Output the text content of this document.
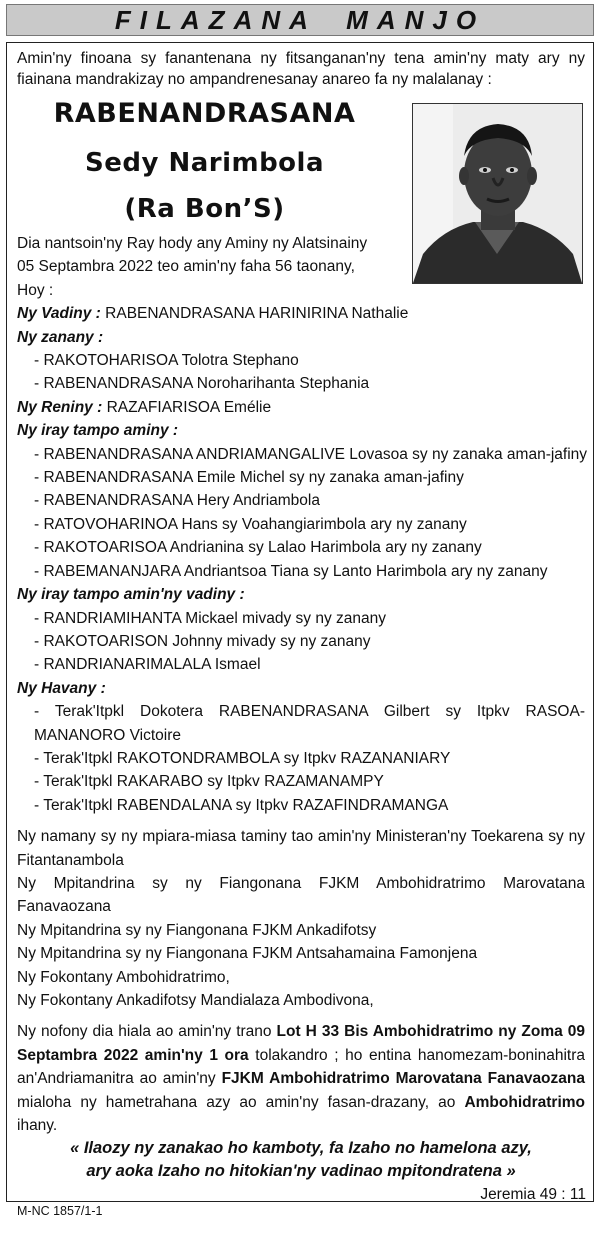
FILAZANA MANJO
Amin'ny finoana sy fanantenana ny fitsanganan'ny tena amin'ny maty ary ny fiainana mandrakizay no ampandrenesanay anareo fa ny malalanay :
RABENANDRASANA
Sedy Narimbola
(Ra Bon’S)
Dia nantsoin'ny Ray hody any Aminy ny Alatsinainy
05 Septambra 2022 teo amin'ny faha 56 taonany,
Hoy :
Ny Vadiny : RABENANDRASANA HARINIRINA Nathalie
Ny zanany :
- RAKOTOHARISOA Tolotra Stephano
- RABENANDRASANA Noroharihanta Stephania
Ny Reniny : RAZAFIARISOA Emélie
Ny iray tampo aminy :
- RABENANDRASANA ANDRIAMANGALIVE Lovasoa sy ny zanaka aman-jafiny
- RABENANDRASANA Emile Michel sy ny zanaka aman-jafiny
- RABENANDRASANA Hery Andriambola
- RATOVOHARINOA Hans sy Voahangiarimbola ary ny zanany
- RAKOTOARISOA Andrianina sy Lalao Harimbola ary ny zanany
- RABEMANANJARA Andriantsoa Tiana sy Lanto Harimbola ary ny zanany
Ny iray tampo amin'ny vadiny :
- RANDRIAMIHANTA Mickael mivady sy ny zanany
- RAKOTOARISON Johnny mivady sy ny zanany
- RANDRIANARIMALALA Ismael
Ny Havany :
- Terak'Itpkl Dokotera RABENANDRASANA Gilbert sy Itpkv RASOA-MANANORO Victoire
- Terak'Itpkl RAKOTONDRAMBOLA sy Itpkv RAZANANIARY
- Terak'Itpkl RAKARABO sy Itpkv RAZAMANAMPY
- Terak'Itpkl RABENDALANA sy Itpkv RAZAFINDRAMANGA
Ny namany sy ny mpiara-miasa taminy tao amin'ny Ministeran'ny Toekarena sy ny Fitantanambola
Ny Mpitandrina sy ny Fiangonana FJKM Ambohidratrimo Marovatana Fanavaozana
Ny Mpitandrina sy ny Fiangonana FJKM Ankadifotsy
Ny Mpitandrina sy ny Fiangonana FJKM Antsahamaina Famonjena
Ny Fokontany Ambohidratrimo,
Ny Fokontany Ankadifotsy Mandialaza Ambodivona,
Ny nofony dia hiala ao amin'ny trano Lot H 33 Bis Ambohidratrimo ny Zoma 09 Septambra 2022 amin'ny 1 ora tolakandro ; ho entina hanomezam-boninahitra an'Andriamanitra ao amin'ny FJKM Ambohidratrimo Marovatana Fanavaozana mialoha ny hametrahana azy ao amin'ny fasan-drazany, ao Ambohidratrimo ihany.
« Ilaozy ny zanakao ho kamboty, fa Izaho no hamelona azy,
ary aoka Izaho no hitokian'ny vadinao mpitondratena »
Jeremia 49 : 11
M-NC 1857/1-1
